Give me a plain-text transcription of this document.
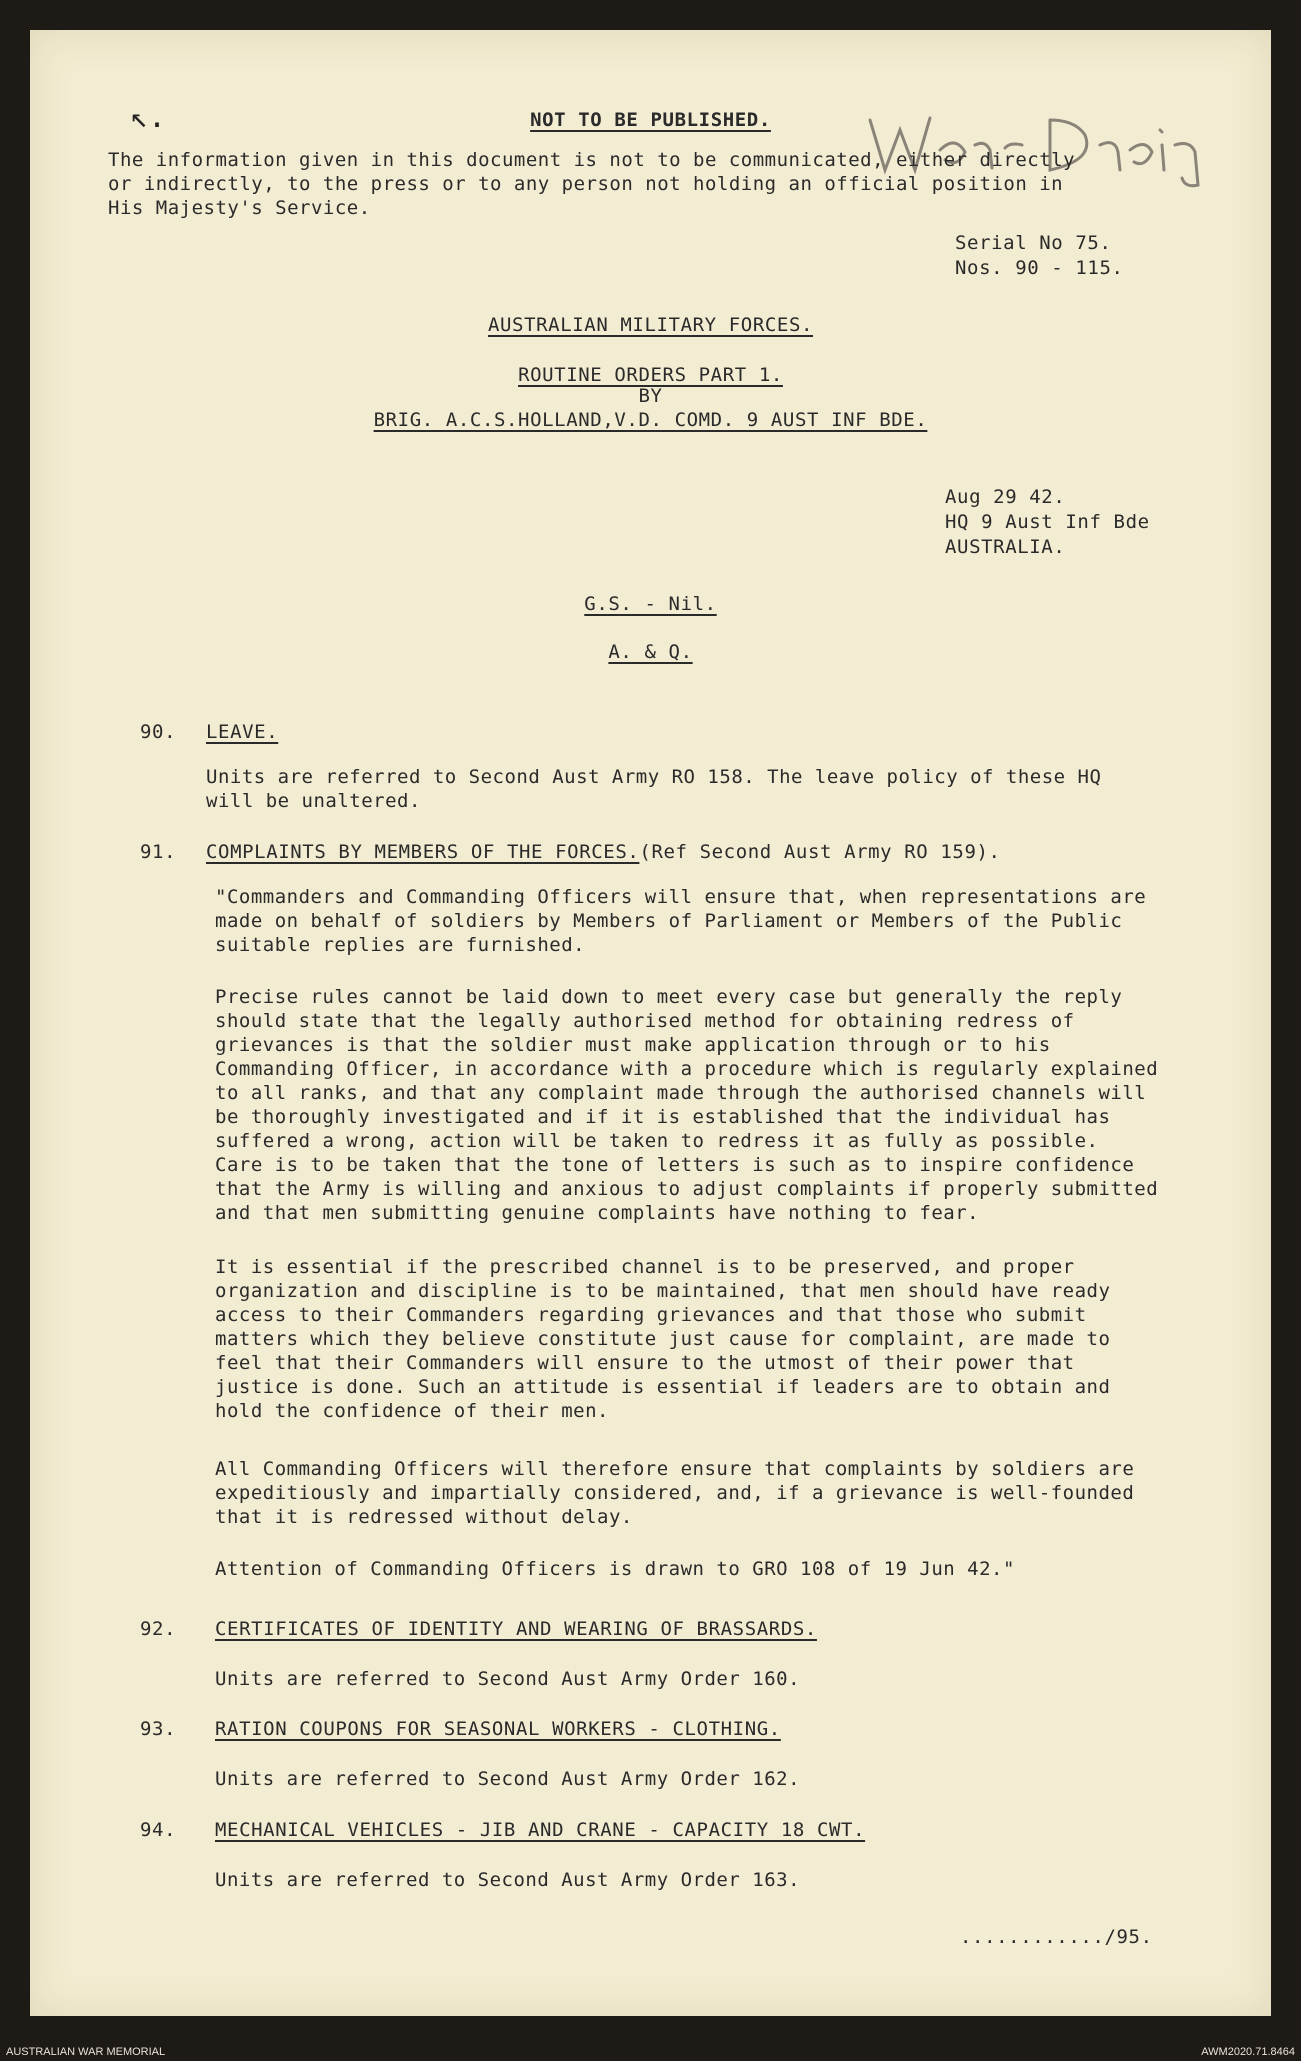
↖.	NOT TO BE PUBLISHED.

The information given in this document is not to be communicated, either directly

or indirectly, to the press or to any person not holding an official position in

His Majesty's Service.

Serial No 75.
Nos. 90 - 115.
AUSTRALIAN MILITARY FORCES.
ROUTINE ORDERS PART 1.
BY
BRIG. A.C.S.HOLLAND,V.D. COMD. 9 AUST INF BDE.
Aug 29 42.
HQ 9 Aust Inf Bde
AUSTRALIA.
G.S. - Nil.
A. & Q.
90. LEAVE.

Units are referred to Second Aust Army RO 158. The leave policy of these HQ

will be unaltered.

91. COMPLAINTS BY MEMBERS OF THE FORCES.(Ref Second Aust Army RO 159).

"Commanders and Commanding Officers will ensure that, when representations are

made on behalf of soldiers by Members of Parliament or Members of the Public

suitable replies are furnished.

Precise rules cannot be laid down to meet every case but generally the reply

should state that the legally authorised method for obtaining redress of

grievances is that the soldier must make application through or to his

Commanding Officer, in accordance with a procedure which is regularly explained

to all ranks, and that any complaint made through the authorised channels will

be thoroughly investigated and if it is established that the individual has

suffered a wrong, action will be taken to redress it as fully as possible.

Care is to be taken that the tone of letters is such as to inspire confidence

that the Army is willing and anxious to adjust complaints if properly submitted

and that men submitting genuine complaints have nothing to fear.

It is essential if the prescribed channel is to be preserved, and proper

organization and discipline is to be maintained, that men should have ready

access to their Commanders regarding grievances and that those who submit

matters which they believe constitute just cause for complaint, are made to

feel that their Commanders will ensure to the utmost of their power that

justice is done. Such an attitude is essential if leaders are to obtain and

hold the confidence of their men.

All Commanding Officers will therefore ensure that complaints by soldiers are

expeditiously and impartially considered, and, if a grievance is well-founded

that it is redressed without delay.

Attention of Commanding Officers is drawn to GRO 108 of 19 Jun 42."

92. CERTIFICATES OF IDENTITY AND WEARING OF BRASSARDS.

Units are referred to Second Aust Army Order 160.

93. RATION COUPONS FOR SEASONAL WORKERS - CLOTHING.

Units are referred to Second Aust Army Order 162.

94. MECHANICAL VEHICLES - JIB AND CRANE - CAPACITY 18 CWT.

Units are referred to Second Aust Army Order 163.

............/95.
AUSTRALIAN WAR MEMORIAL	AWM2020.71.8464
